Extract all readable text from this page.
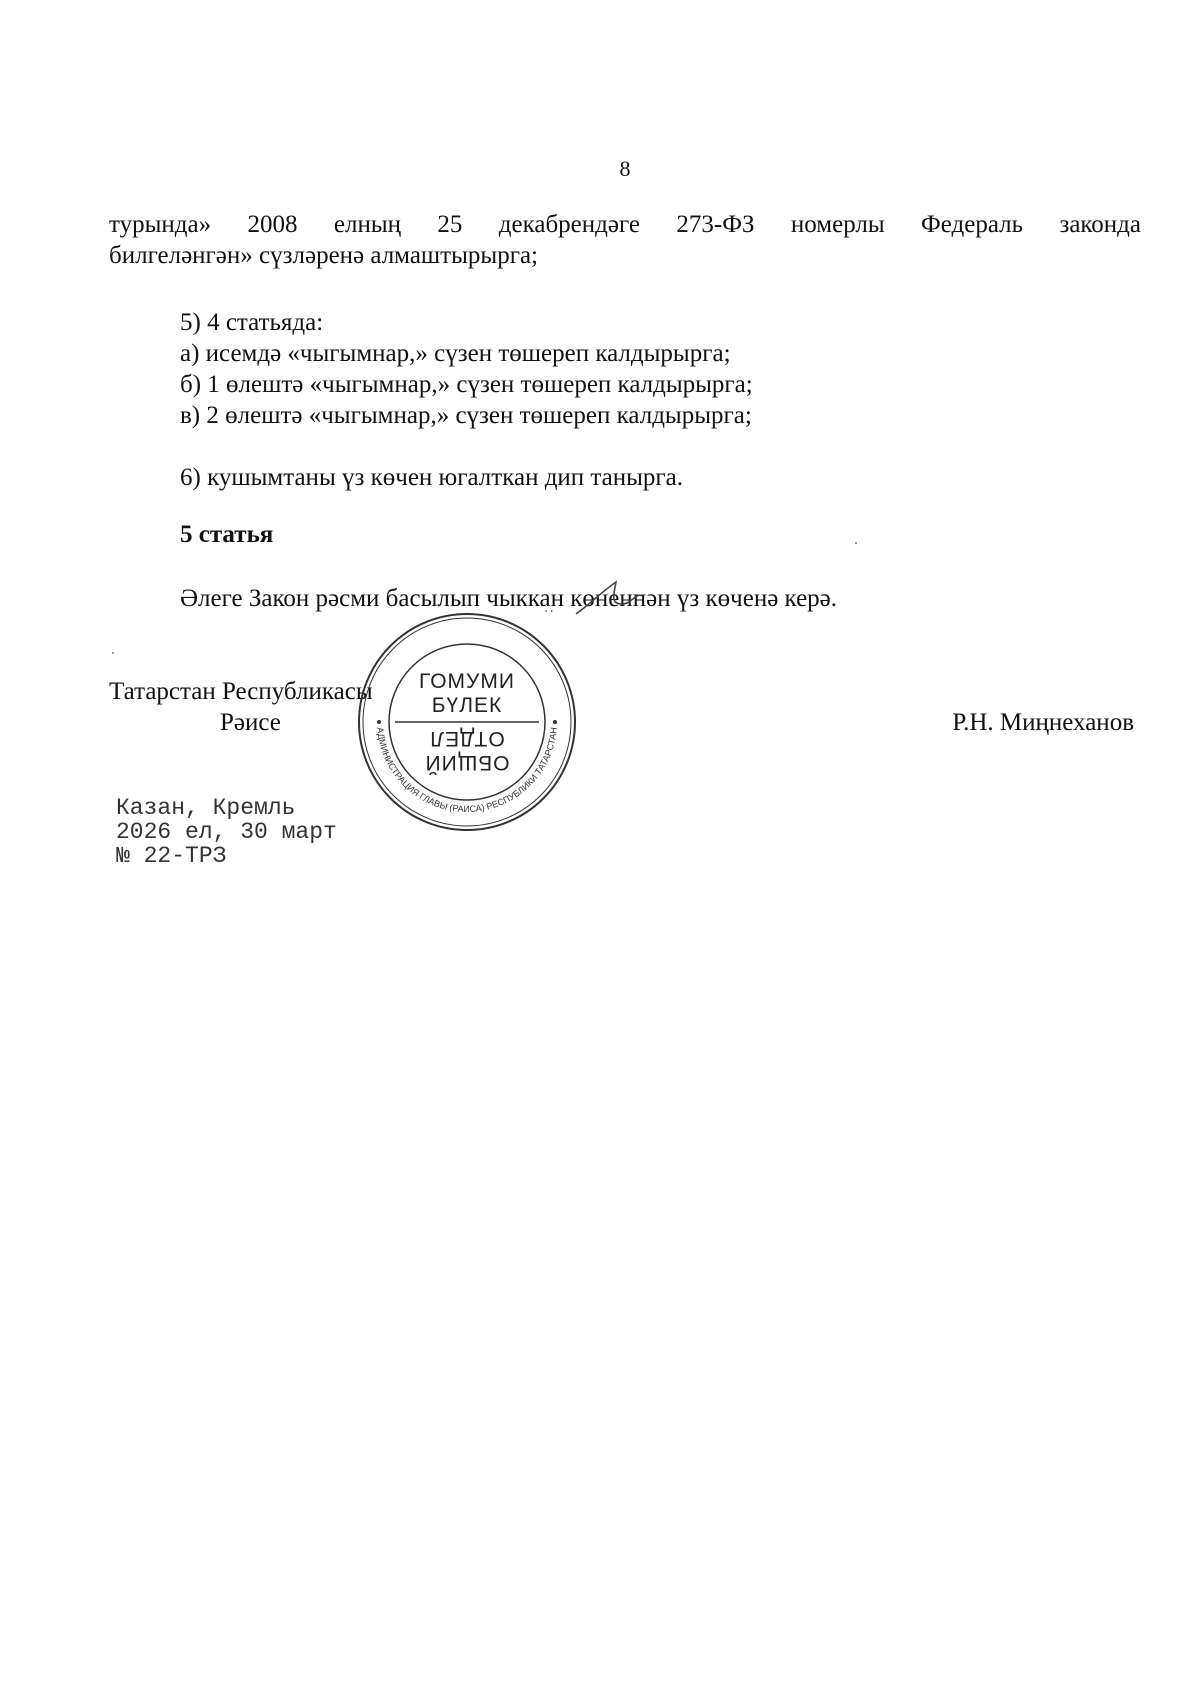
8
турында» 2008 елның 25 декабрендәге 273-ФЗ номерлы Федераль законда
билгеләнгән» сүзләренә алмаштырырга;
5) 4 статьяда:
а) исемдә «чыгымнар,» сүзен төшереп калдырырга;
б) 1 өлештә «чыгымнар,» сүзен төшереп калдырырга;
в) 2 өлештә «чыгымнар,» сүзен төшереп калдырырга;
6) кушымтаны үз көчен югалткан дип танырга.
5 статья
Әлеге Закон рәсми басылып чыккан көненнән үз көченә керә.
Татарстан Республикасы
Рәисе	Р.Н. Миңнеханов
АДМИНИСТРАЦИЯ ГЛАВЫ (РАИСА) РЕСПУБЛИКИ ТАТАРСТАН
ГОМУМИ
БҮЛЕК
ОТДЕЛ
ОБЩИЙ
Казан, Кремль
2026 ел, 30 март
№ 22-ТРЗ
